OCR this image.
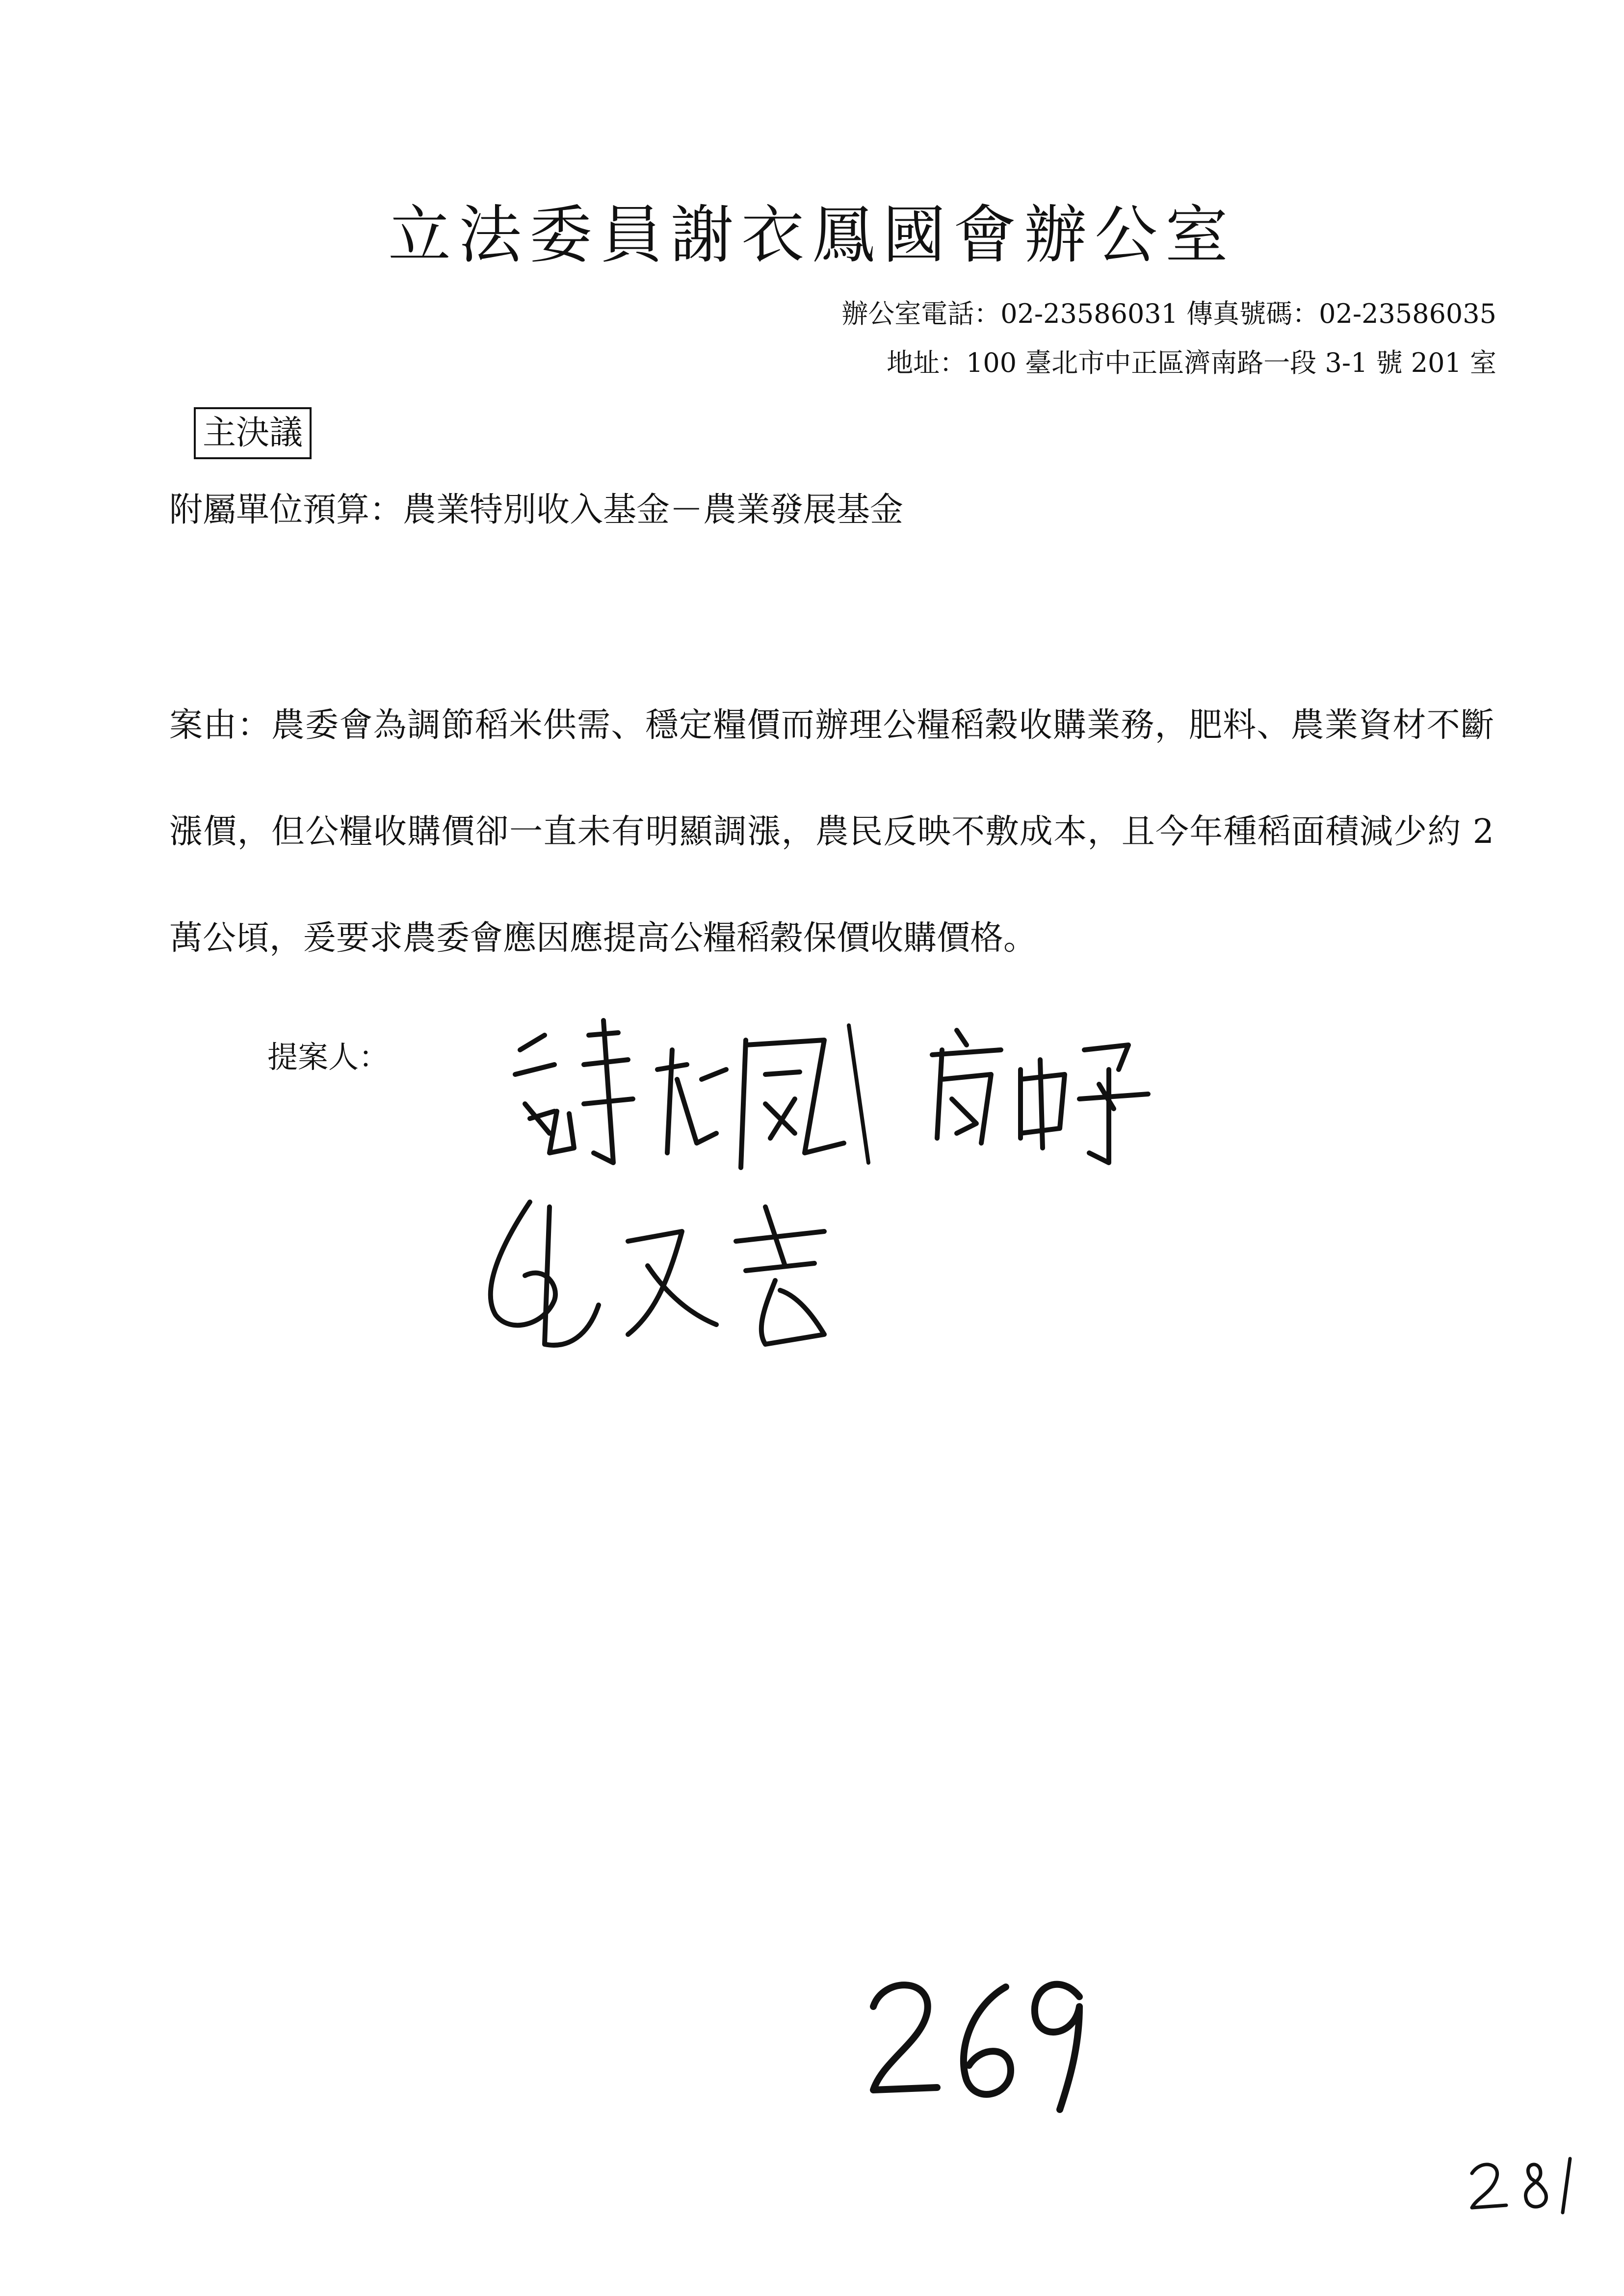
立法委員謝衣鳳國會辦公室
辦公室電話：02-23586031 傳真號碼：02-23586035
地址：100 臺北市中正區濟南路一段 3-1 號 201 室
主決議
附屬單位預算：農業特別收入基金－農業發展基金
案由：農委會為調節稻米供需、穩定糧價而辦理公糧稻穀收購業務，肥料、農業資材不斷漲價，但公糧收購價卻一直未有明顯調漲，農民反映不敷成本，且今年種稻面積減少約 2 萬公頃，爰要求農委會應因應提高公糧稻穀保價收購價格。
提案人：
